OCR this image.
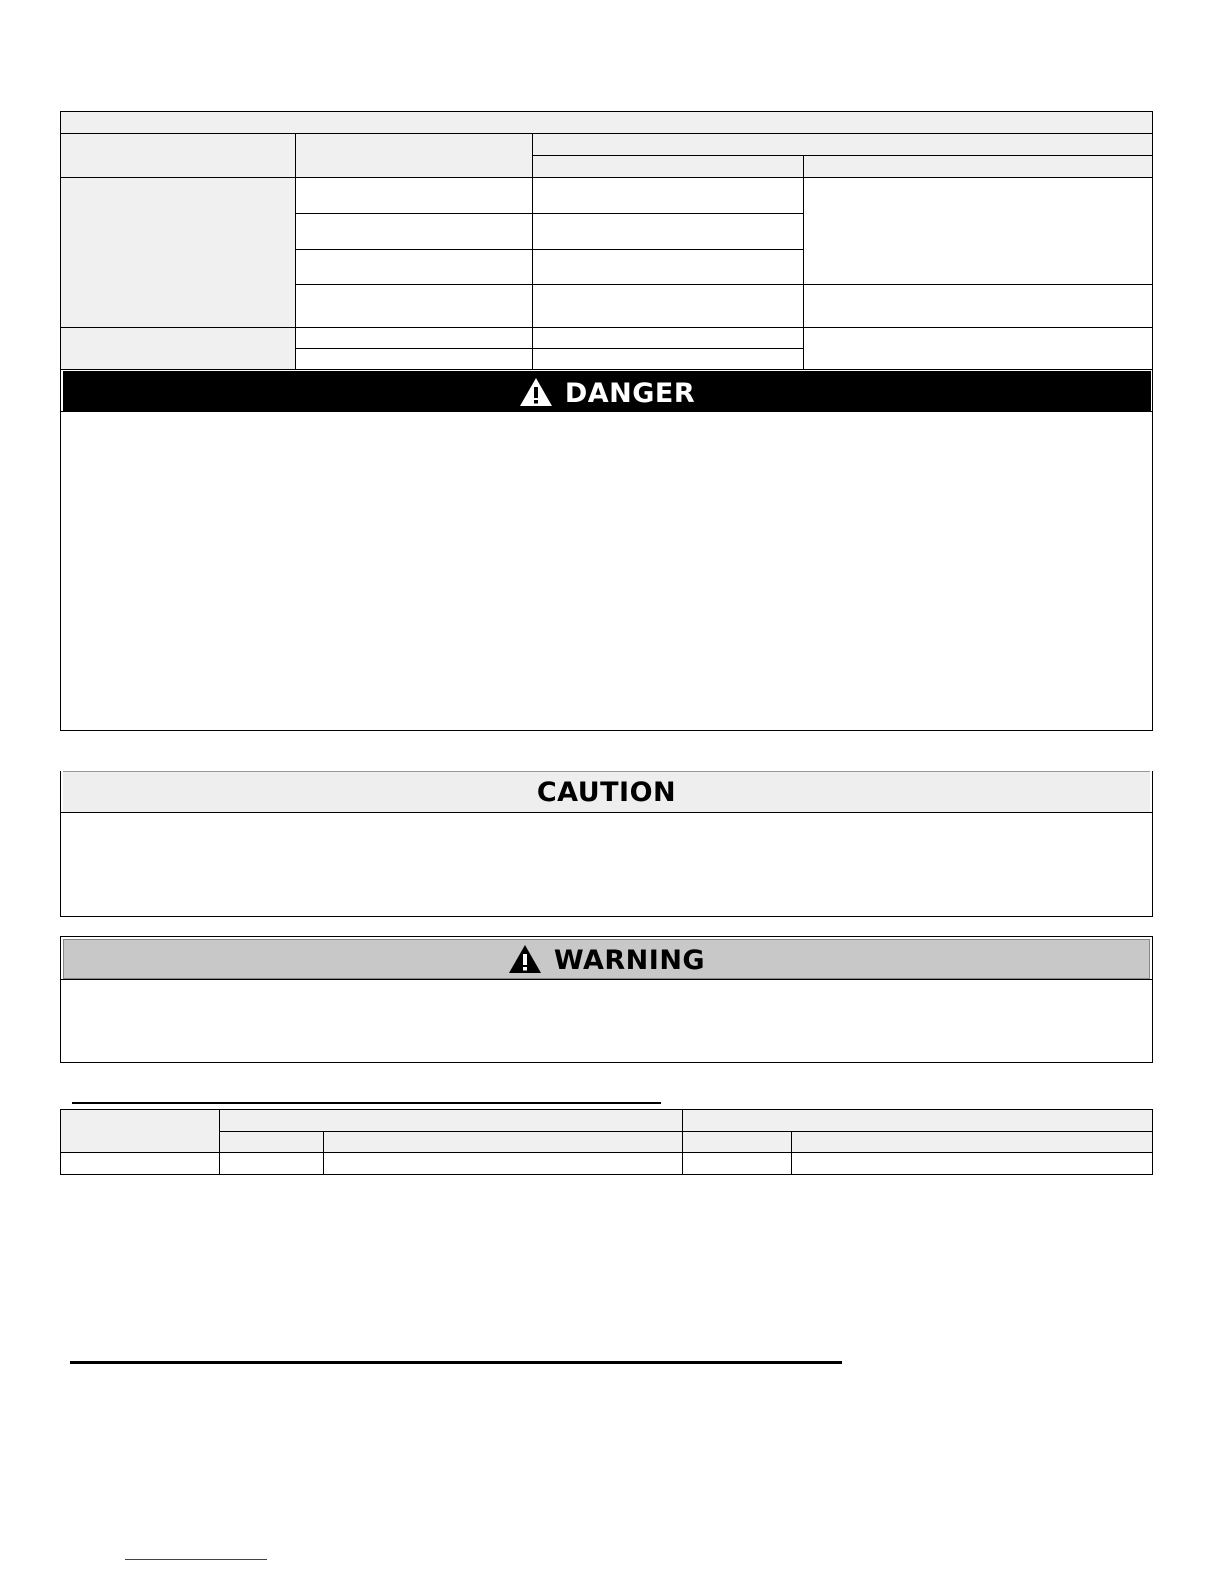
DANGER
CAUTION
WARNING
